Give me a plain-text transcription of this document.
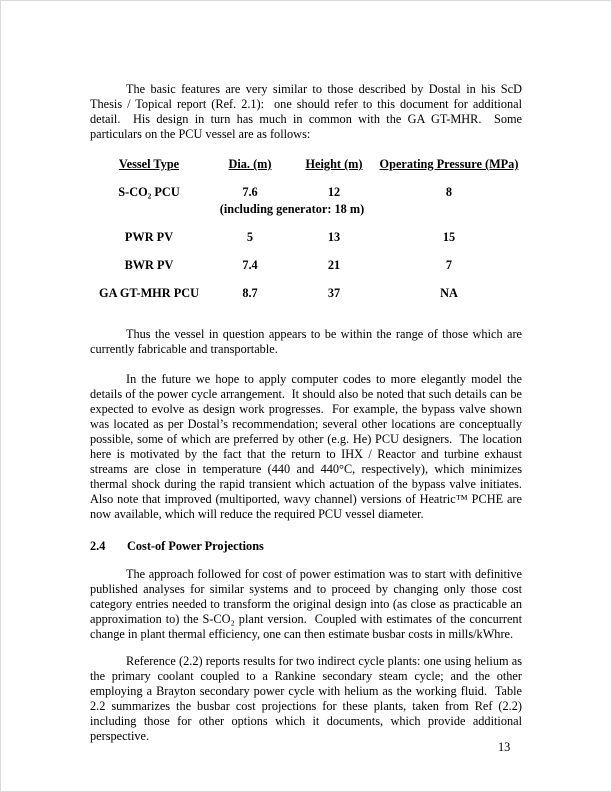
The basic features are very similar to those described by Dostal in his ScD Thesis / Topical report (Ref. 2.1):  one should refer to this document for additional detail.  His design in turn has much in common with the GA GT-MHR.  Some particulars on the PCU vessel are as follows:

Vessel Type	Dia. (m)	Height (m)	Operating Pressure (MPa)
S-CO₂ PCU	7.6	12	8
	(including generator: 18 m)		
PWR PV	5	13	15
BWR PV	7.4	21	7
GA GT-MHR PCU	8.7	37	NA

Thus the vessel in question appears to be within the range of those which are currently fabricable and transportable.

In the future we hope to apply computer codes to more elegantly model the details of the power cycle arrangement.  It should also be noted that such details can be expected to evolve as design work progresses.  For example, the bypass valve shown was located as per Dostal’s recommendation; several other locations are conceptually possible, some of which are preferred by other (e.g. He) PCU designers.  The location here is motivated by the fact that the return to IHX / Reactor and turbine exhaust streams are close in temperature (440 and 440°C, respectively), which minimizes thermal shock during the rapid transient which actuation of the bypass valve initiates.  Also note that improved (multiported, wavy channel) versions of Heatric™ PCHE are now available, which will reduce the required PCU vessel diameter.

2.4 Cost-of Power Projections

The approach followed for cost of power estimation was to start with definitive published analyses for similar systems and to proceed by changing only those cost category entries needed to transform the original design into (as close as practicable an approximation to) the S-CO₂ plant version.  Coupled with estimates of the concurrent change in plant thermal efficiency, one can then estimate busbar costs in mills/kWhre.

Reference (2.2) reports results for two indirect cycle plants: one using helium as the primary coolant coupled to a Rankine secondary steam cycle; and the other employing a Brayton secondary power cycle with helium as the working fluid.  Table 2.2 summarizes the busbar cost projections for these plants, taken from Ref (2.2) including those for other options which it documents, which provide additional perspective.

13
